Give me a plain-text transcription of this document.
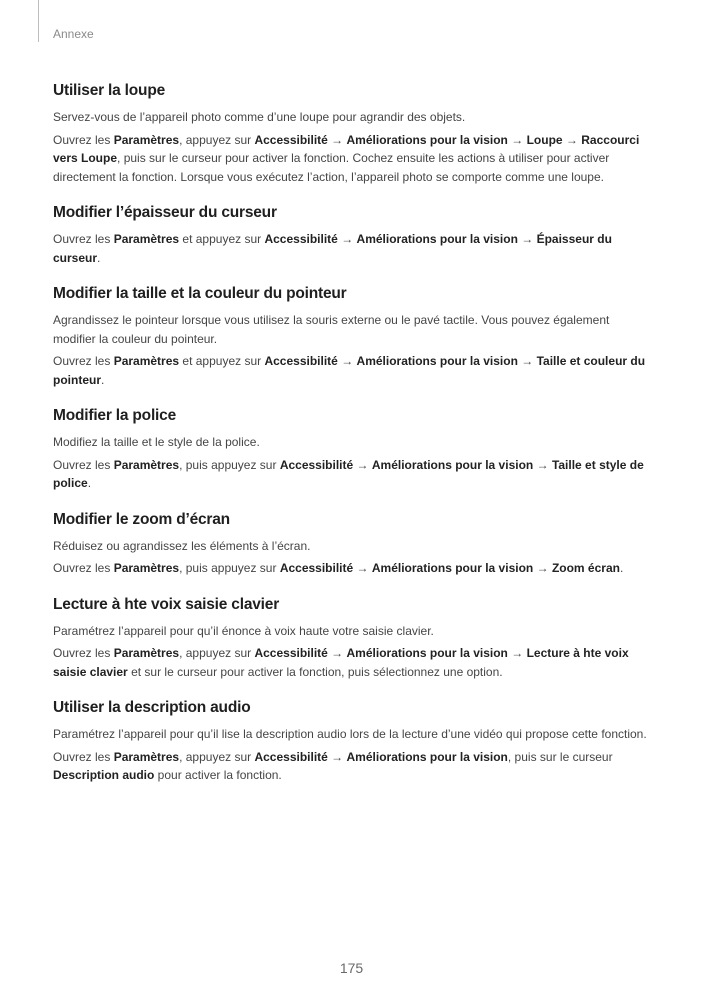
Annexe
Utiliser la loupe

Servez-vous de l’appareil photo comme d’une loupe pour agrandir des objets.

Ouvrez les Paramètres, appuyez sur Accessibilité → Améliorations pour la vision → Loupe → Raccourci vers Loupe, puis sur le curseur pour activer la fonction. Cochez ensuite les actions à utiliser pour activer directement la fonction. Lorsque vous exécutez l’action, l’appareil photo se comporte comme une loupe.

Modifier l’épaisseur du curseur

Ouvrez les Paramètres et appuyez sur Accessibilité → Améliorations pour la vision → Épaisseur du curseur.

Modifier la taille et la couleur du pointeur

Agrandissez le pointeur lorsque vous utilisez la souris externe ou le pavé tactile. Vous pouvez également modifier la couleur du pointeur.

Ouvrez les Paramètres et appuyez sur Accessibilité → Améliorations pour la vision → Taille et couleur du pointeur.

Modifier la police

Modifiez la taille et le style de la police.

Ouvrez les Paramètres, puis appuyez sur Accessibilité → Améliorations pour la vision → Taille et style de police.

Modifier le zoom d’écran

Réduisez ou agrandissez les éléments à l’écran.

Ouvrez les Paramètres, puis appuyez sur Accessibilité → Améliorations pour la vision → Zoom écran.

Lecture à hte voix saisie clavier

Paramétrez l’appareil pour qu’il énonce à voix haute votre saisie clavier.

Ouvrez les Paramètres, appuyez sur Accessibilité → Améliorations pour la vision → Lecture à hte voix saisie clavier et sur le curseur pour activer la fonction, puis sélectionnez une option.

Utiliser la description audio

Paramétrez l’appareil pour qu’il lise la description audio lors de la lecture d’une vidéo qui propose cette fonction.

Ouvrez les Paramètres, appuyez sur Accessibilité → Améliorations pour la vision, puis sur le curseur Description audio pour activer la fonction.

175
